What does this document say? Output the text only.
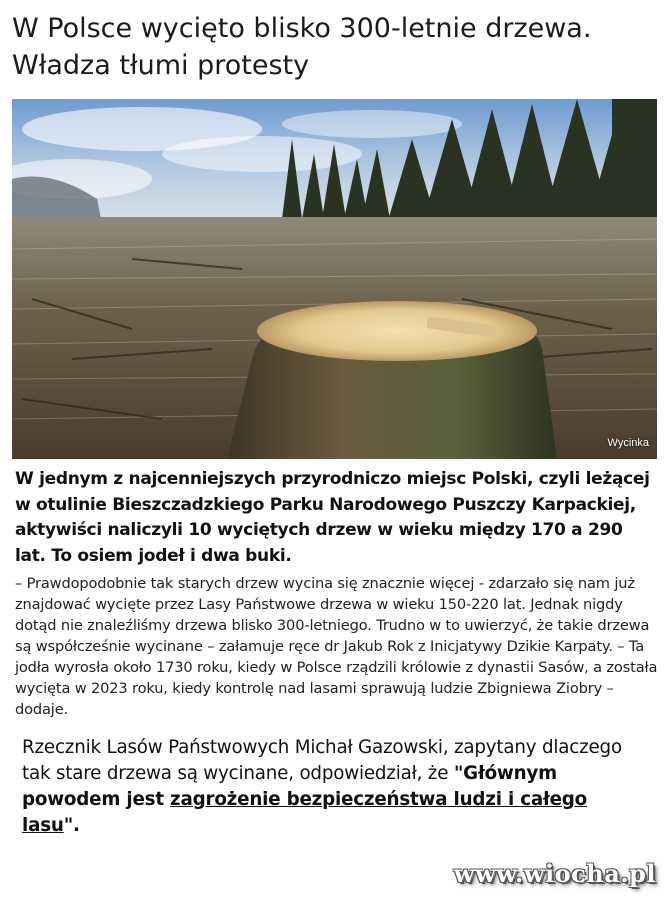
W Polsce wycięto blisko 300-letnie drzewa.
Władza tłumi protesty
Wycinka

W jednym z najcenniejszych przyrodniczo miejsc Polski, czyli leżącej w otulinie Bieszczadzkiego Parku Narodowego Puszczy Karpackiej, aktywiści naliczyli 10 wyciętych drzew w wieku między 170 a 290 lat. To osiem jodeł i dwa buki.

– Prawdopodobnie tak starych drzew wycina się znacznie więcej - zdarzało się nam już znajdować wycięte przez Lasy Państwowe drzewa w wieku 150-220 lat. Jednak nigdy dotąd nie znaleźliśmy drzewa blisko 300-letniego. Trudno w to uwierzyć, że takie drzewa są współcześnie wycinane – załamuje ręce dr Jakub Rok z Inicjatywy Dzikie Karpaty. – Ta jodła wyrosła około 1730 roku, kiedy w Polsce rządzili królowie z dynastii Sasów, a została wycięta w 2023 roku, kiedy kontrolę nad lasami sprawują ludzie Zbigniewa Ziobry – dodaje.

Rzecznik Lasów Państwowych Michał Gazowski, zapytany dlaczego tak stare drzewa są wycinane, odpowiedział, że "Głównym powodem jest zagrożenie bezpieczeństwa ludzi i całego lasu".

www.wiocha.pl
